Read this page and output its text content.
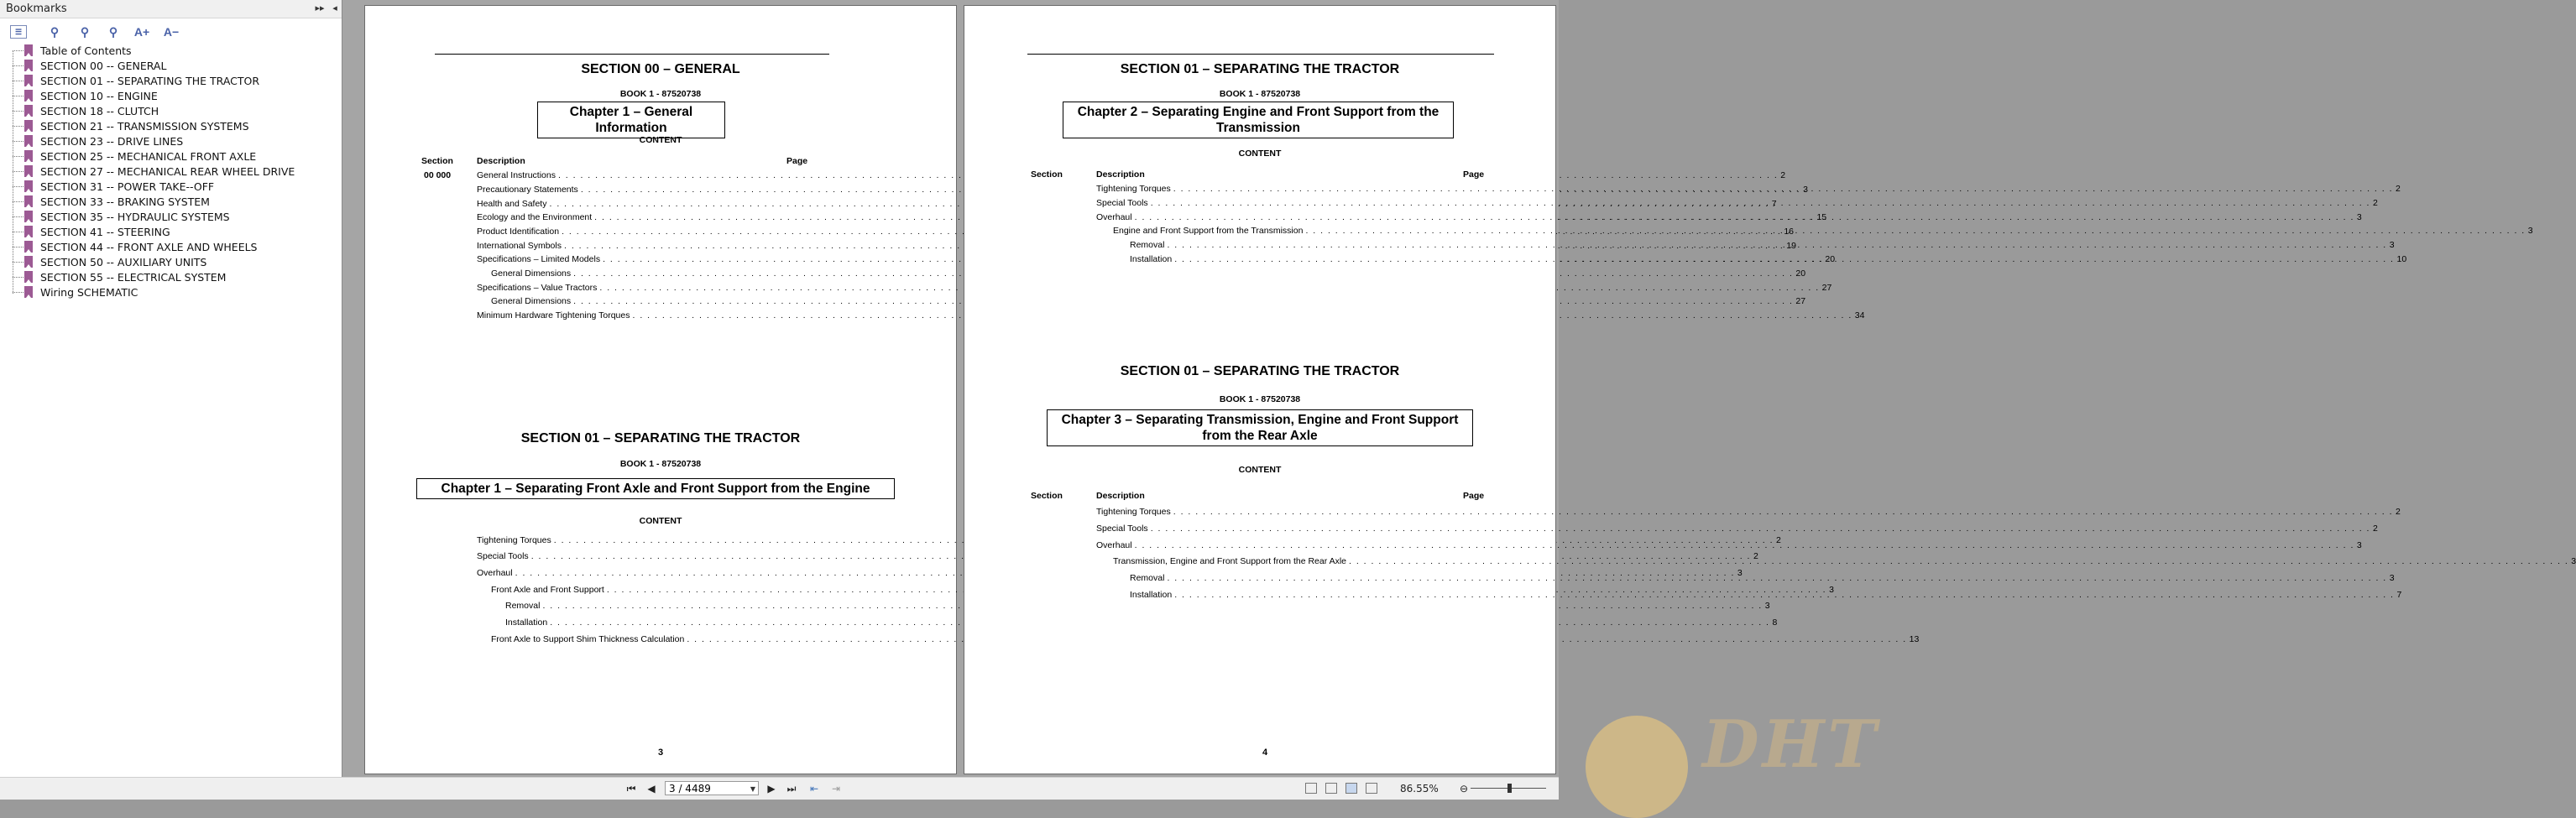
Bookmarks	▸▸ ◂
☰	⚲	⚲	⚲	A+ A−
Table of Contents
SECTION 00 -- GENERAL
SECTION 01 -- SEPARATING THE TRACTOR
SECTION 10 -- ENGINE
SECTION 18 -- CLUTCH
SECTION 21 -- TRANSMISSION SYSTEMS
SECTION 23 -- DRIVE LINES
SECTION 25 -- MECHANICAL FRONT AXLE
SECTION 27 -- MECHANICAL REAR WHEEL DRIVE
SECTION 31 -- POWER TAKE--OFF
SECTION 33 -- BRAKING SYSTEM
SECTION 35 -- HYDRAULIC SYSTEMS
SECTION 41 -- STEERING
SECTION 44 -- FRONT AXLE AND WHEELS
SECTION 50 -- AUXILIARY UNITS
SECTION 55 -- ELECTRICAL SYSTEM
Wiring SCHEMATIC
SECTION 00 – GENERAL
BOOK 1 - 87520738
Chapter 1 – General Information
CONTENT
Section	Description	Page
00 000	General Instructions . . .	2
Precautionary Statements . . .	3
Health and Safety . . .	7
Ecology and the Environment . . .	15
Product Identification . . .	16
International Symbols . . .	19
Specifications – Limited Models . . .	20
General Dimensions . . .	20
Specifications – Value Tractors . . .	27
General Dimensions . . .	27
Minimum Hardware Tightening Torques . . .	34
SECTION 01 – SEPARATING THE TRACTOR
BOOK 1 - 87520738
Chapter 1 – Separating Front Axle and Front Support from the Engine
CONTENT
Tightening Torques . . .	2
Special Tools . . .	2
Overhaul . . .	3
Front Axle and Front Support . . .	3
Removal . . .	3
Installation . . .	8
Front Axle to Support Shim Thickness Calculation . . .	13
3
SECTION 01 – SEPARATING THE TRACTOR
BOOK 1 - 87520738
Chapter 2 – Separating Engine and Front Support from the Transmission
CONTENT
Section	Description	Page
Tightening Torques . . .	2
Special Tools . . .	2
Overhaul . . .	3
Engine and Front Support from the Transmission . . .	3
Removal . . .	3
Installation . . .	10
SECTION 01 – SEPARATING THE TRACTOR
BOOK 1 - 87520738
Chapter 3 – Separating Transmission, Engine and Front Support from the Rear Axle
CONTENT
Section	Description	Page
Tightening Torques . . .	2
Special Tools . . .	2
Overhaul . . .	3
Transmission, Engine and Front Support from the Rear Axle . . .	3
Removal . . .	3
Installation . . .	7
4	DHT
⏮ ◀	3 / 4489	▼ ▶ ⏭ ⇤ ⇥	86.55% ⊖
